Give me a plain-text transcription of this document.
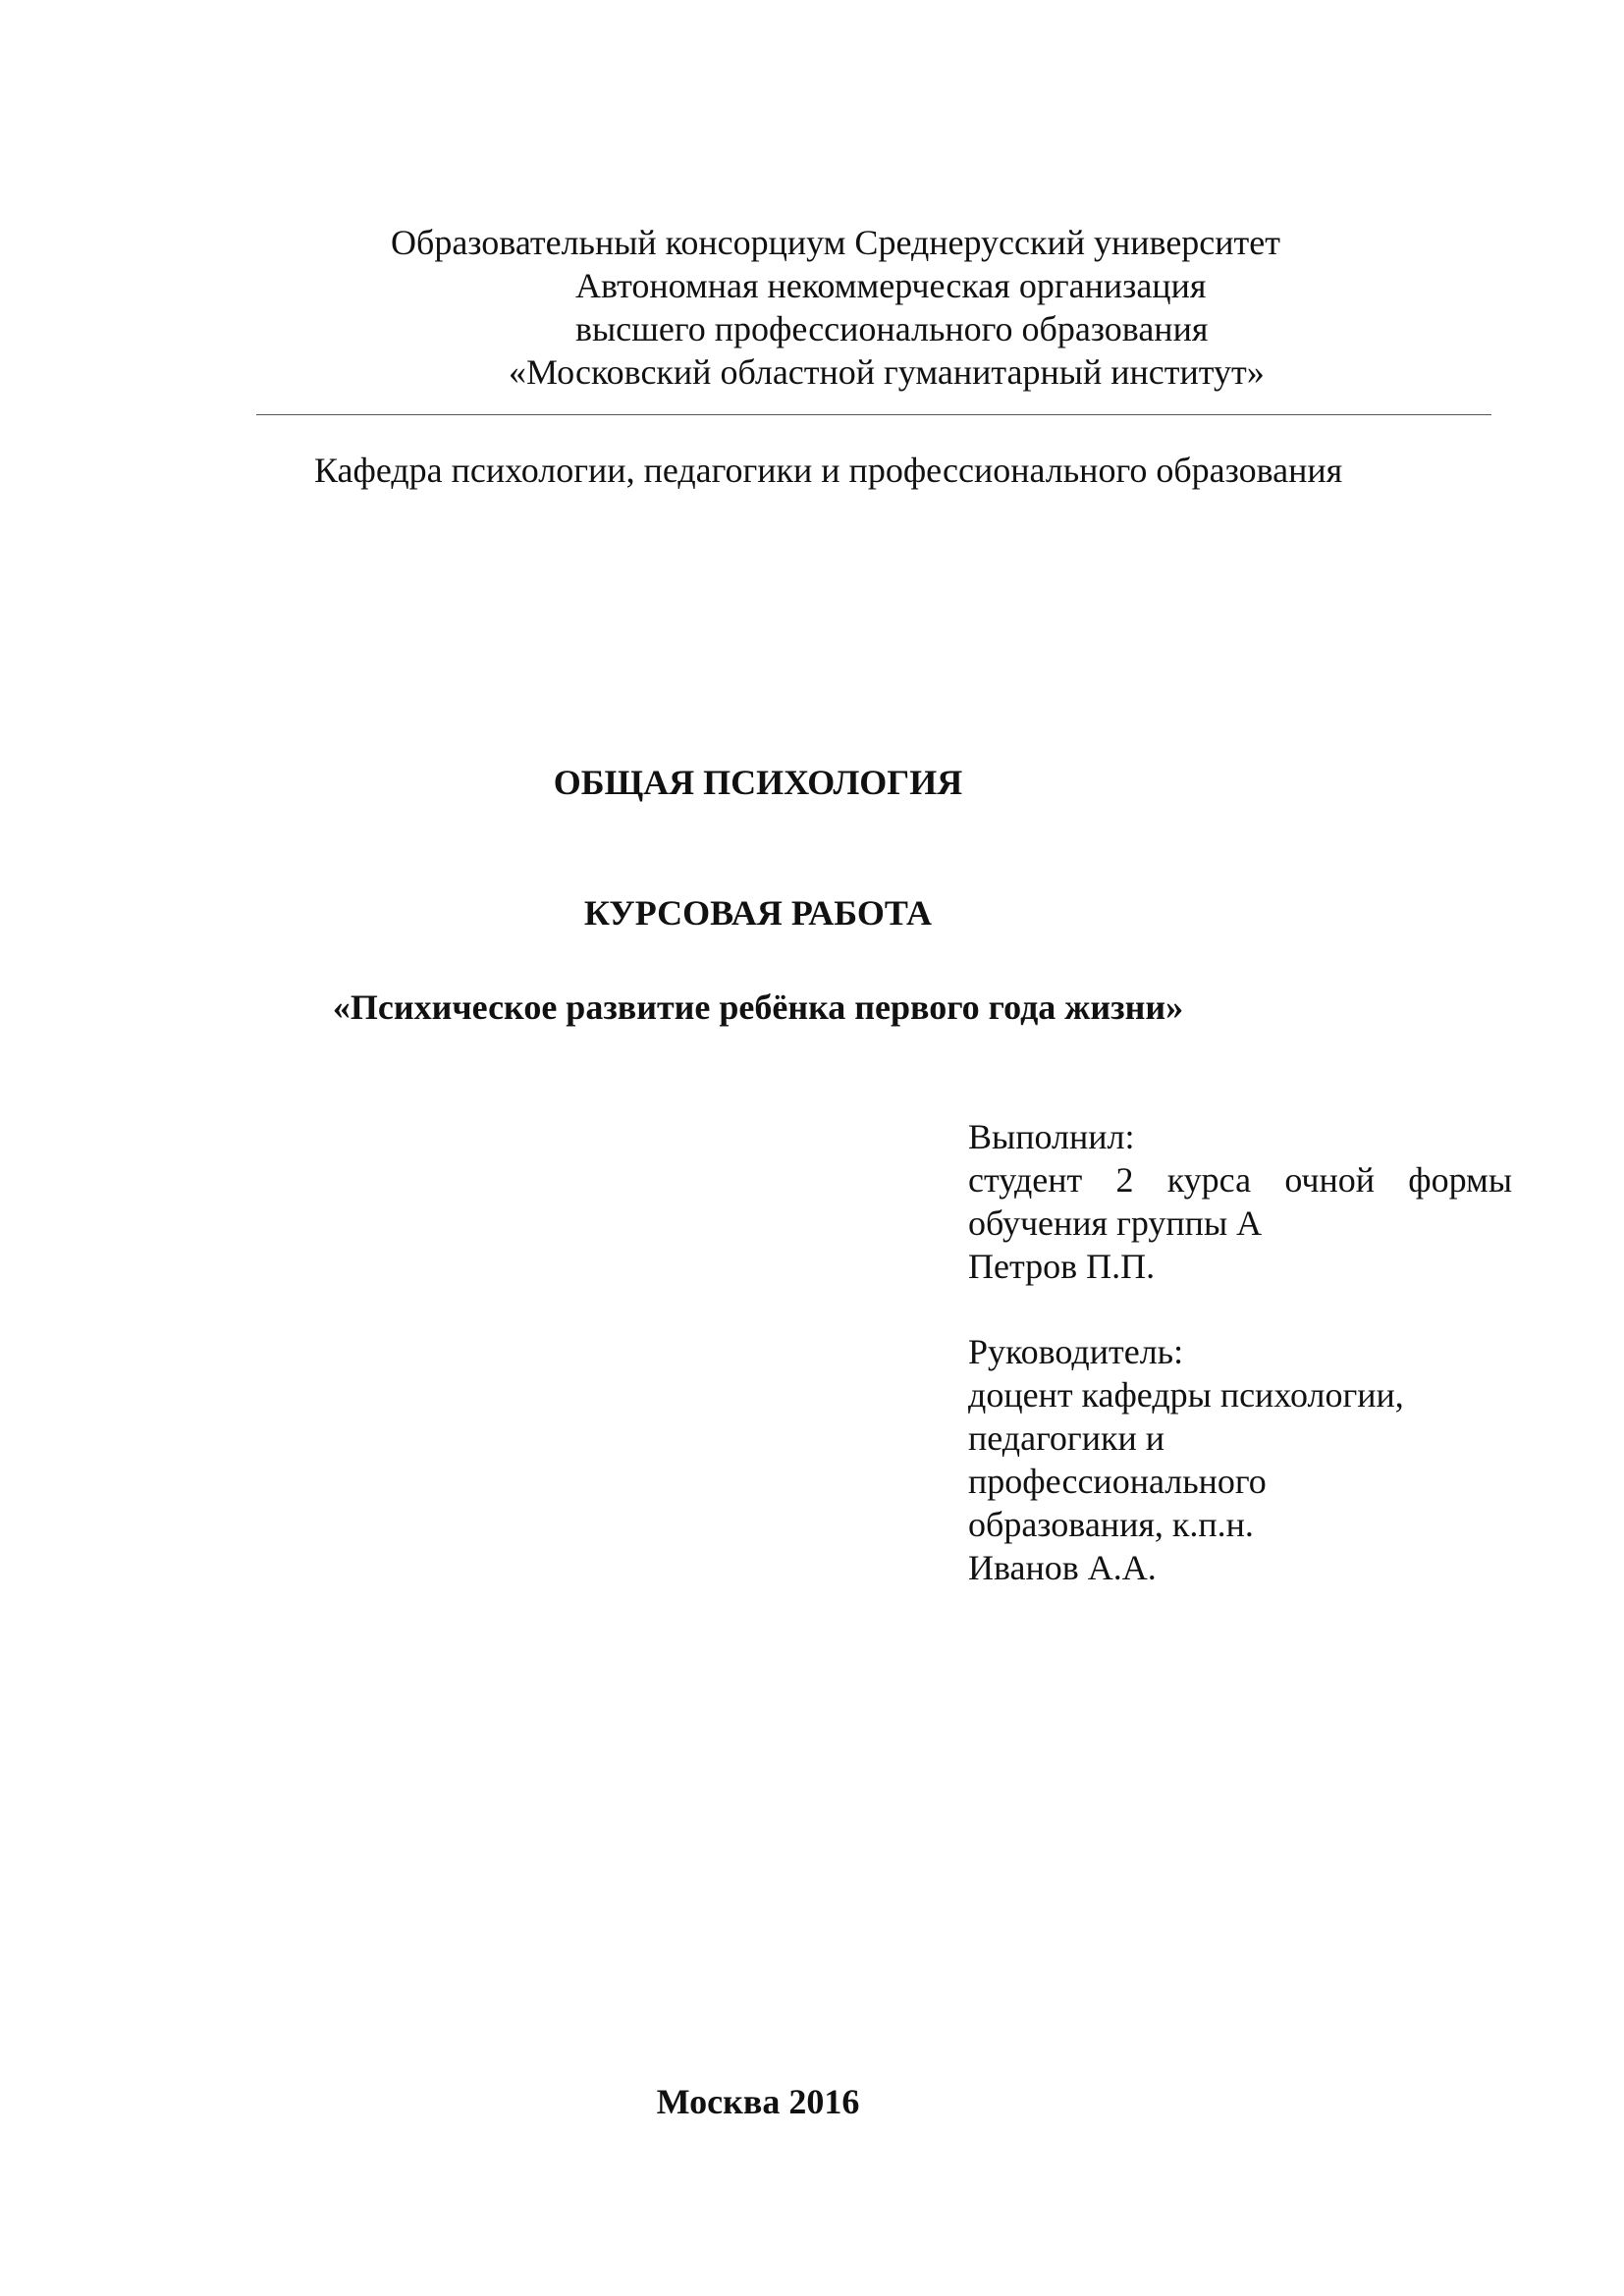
Образовательный консорциум Среднерусский университет
Автономная некоммерческая организация
высшего профессионального образования
«Московский областной гуманитарный институт»
Кафедра психологии, педагогики и профессионального образования
ОБЩАЯ ПСИХОЛОГИЯ
КУРСОВАЯ РАБОТА
«Психическое развитие ребёнка первого года жизни»
Выполнил:
студент 2 курса очной формы
обучения группы А
Петров П.П.
Руководитель:
доцент кафедры психологии,
педагогики и
профессионального
образования, к.п.н.
Иванов А.А.
Москва 2016
